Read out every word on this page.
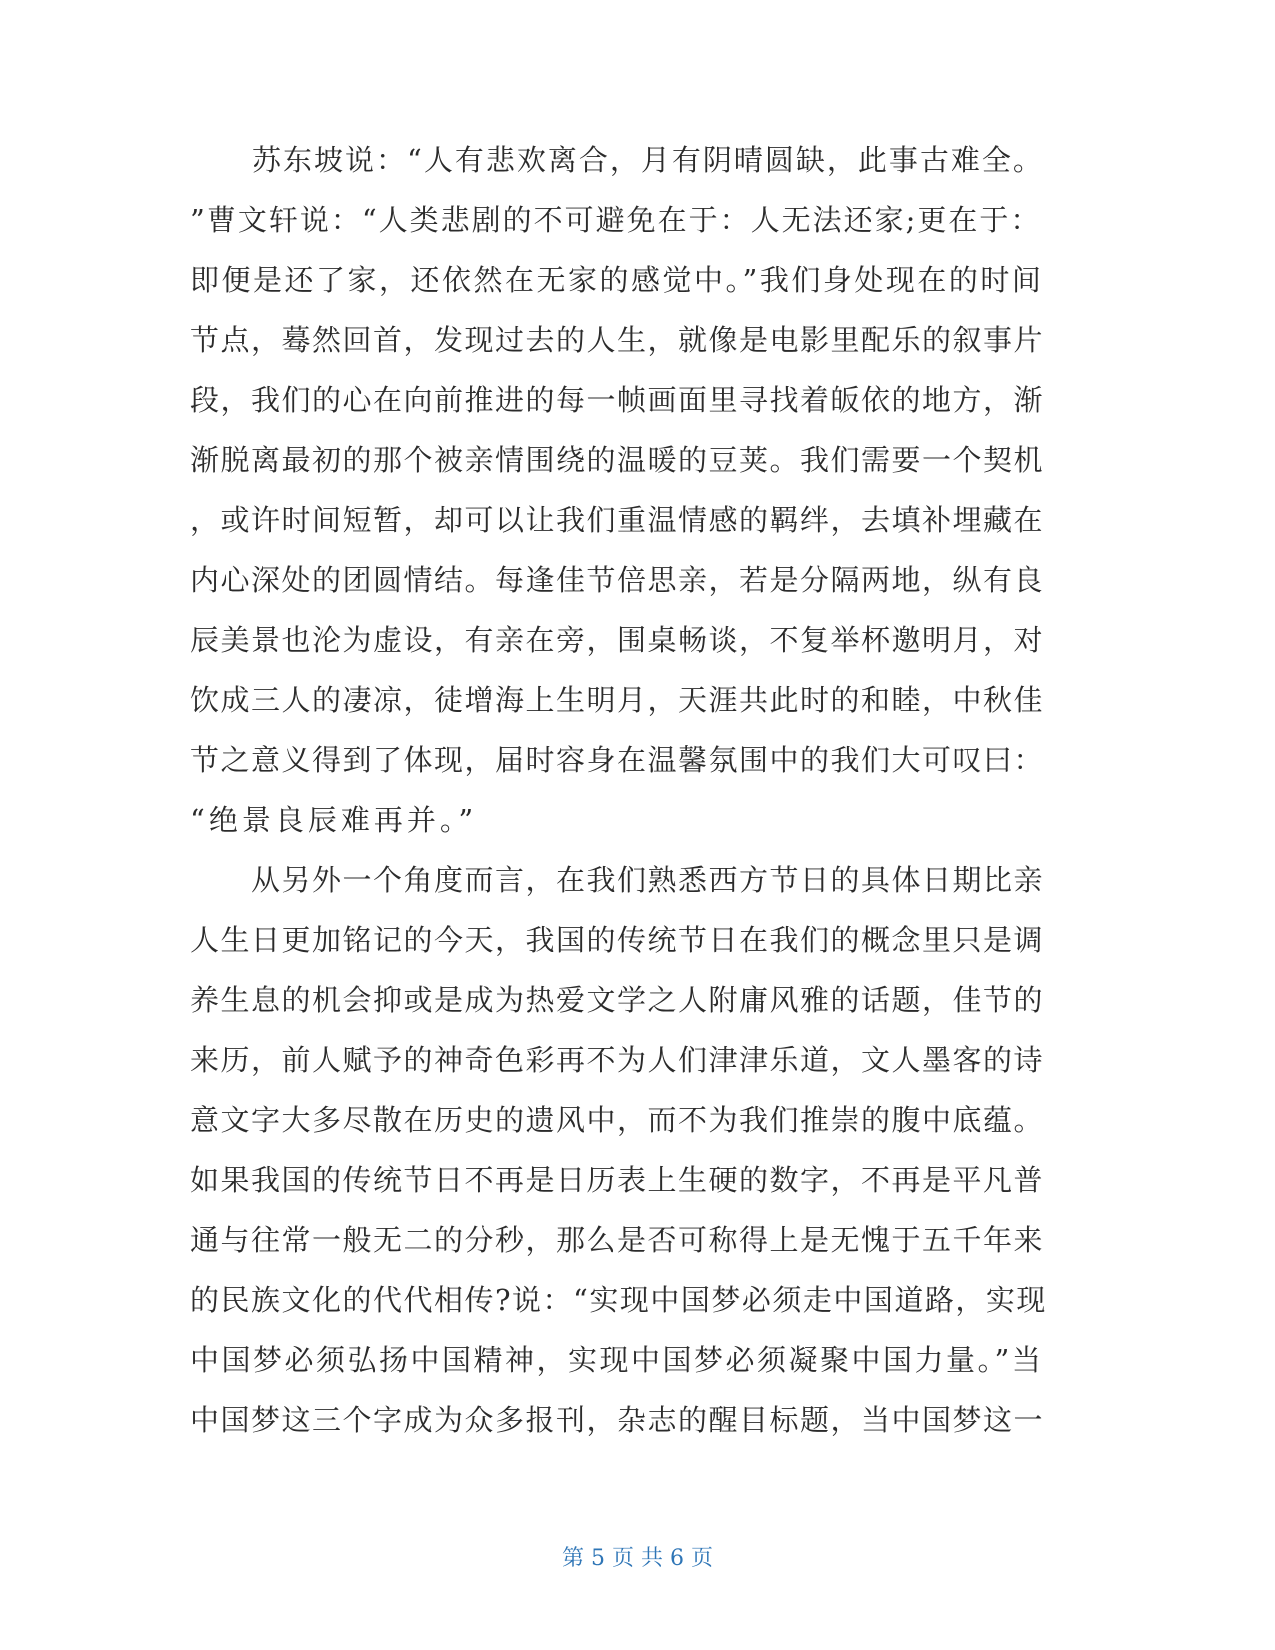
　　苏东坡说：“人有悲欢离合，月有阴晴圆缺，此事古难全。
”曹文轩说：“人类悲剧的不可避免在于：人无法还家;更在于：
即便是还了家，还依然在无家的感觉中。”我们身处现在的时间
节点，蓦然回首，发现过去的人生，就像是电影里配乐的叙事片
段，我们的心在向前推进的每一帧画面里寻找着皈依的地方，渐
渐脱离最初的那个被亲情围绕的温暖的豆荚。我们需要一个契机
，或许时间短暂，却可以让我们重温情感的羁绊，去填补埋藏在
内心深处的团圆情结。每逢佳节倍思亲，若是分隔两地，纵有良
辰美景也沦为虚设，有亲在旁，围桌畅谈，不复举杯邀明月，对
饮成三人的凄凉，徒增海上生明月，天涯共此时的和睦，中秋佳
节之意义得到了体现，届时容身在温馨氛围中的我们大可叹曰：
“绝景良辰难再并。”
　　从另外一个角度而言，在我们熟悉西方节日的具体日期比亲
人生日更加铭记的今天，我国的传统节日在我们的概念里只是调
养生息的机会抑或是成为热爱文学之人附庸风雅的话题，佳节的
来历，前人赋予的神奇色彩再不为人们津津乐道，文人墨客的诗
意文字大多尽散在历史的遗风中，而不为我们推崇的腹中底蕴。
如果我国的传统节日不再是日历表上生硬的数字，不再是平凡普
通与往常一般无二的分秒，那么是否可称得上是无愧于五千年来
的民族文化的代代相传?说：“实现中国梦必须走中国道路，实现
中国梦必须弘扬中国精神，实现中国梦必须凝聚中国力量。”当
中国梦这三个字成为众多报刊，杂志的醒目标题，当中国梦这一
第 5 页 共 6 页
